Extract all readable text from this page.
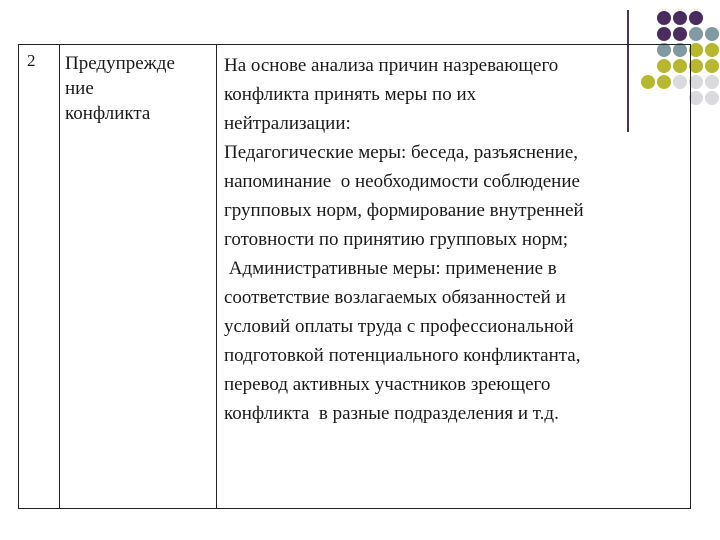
2 Предупрежде
ние
конфликта
На основе анализа причин назревающего
конфликта принять меры по их
нейтрализации:
Педагогические меры: беседа, разъяснение,
напоминание  о необходимости соблюдение
групповых норм, формирование внутренней
готовности по принятию групповых норм;
Административные меры: применение в
соответствие возлагаемых обязанностей и
условий оплаты труда с профессиональной
подготовкой потенциального конфликтанта,
перевод активных участников зреющего
конфликта  в разные подразделения и т.д.
